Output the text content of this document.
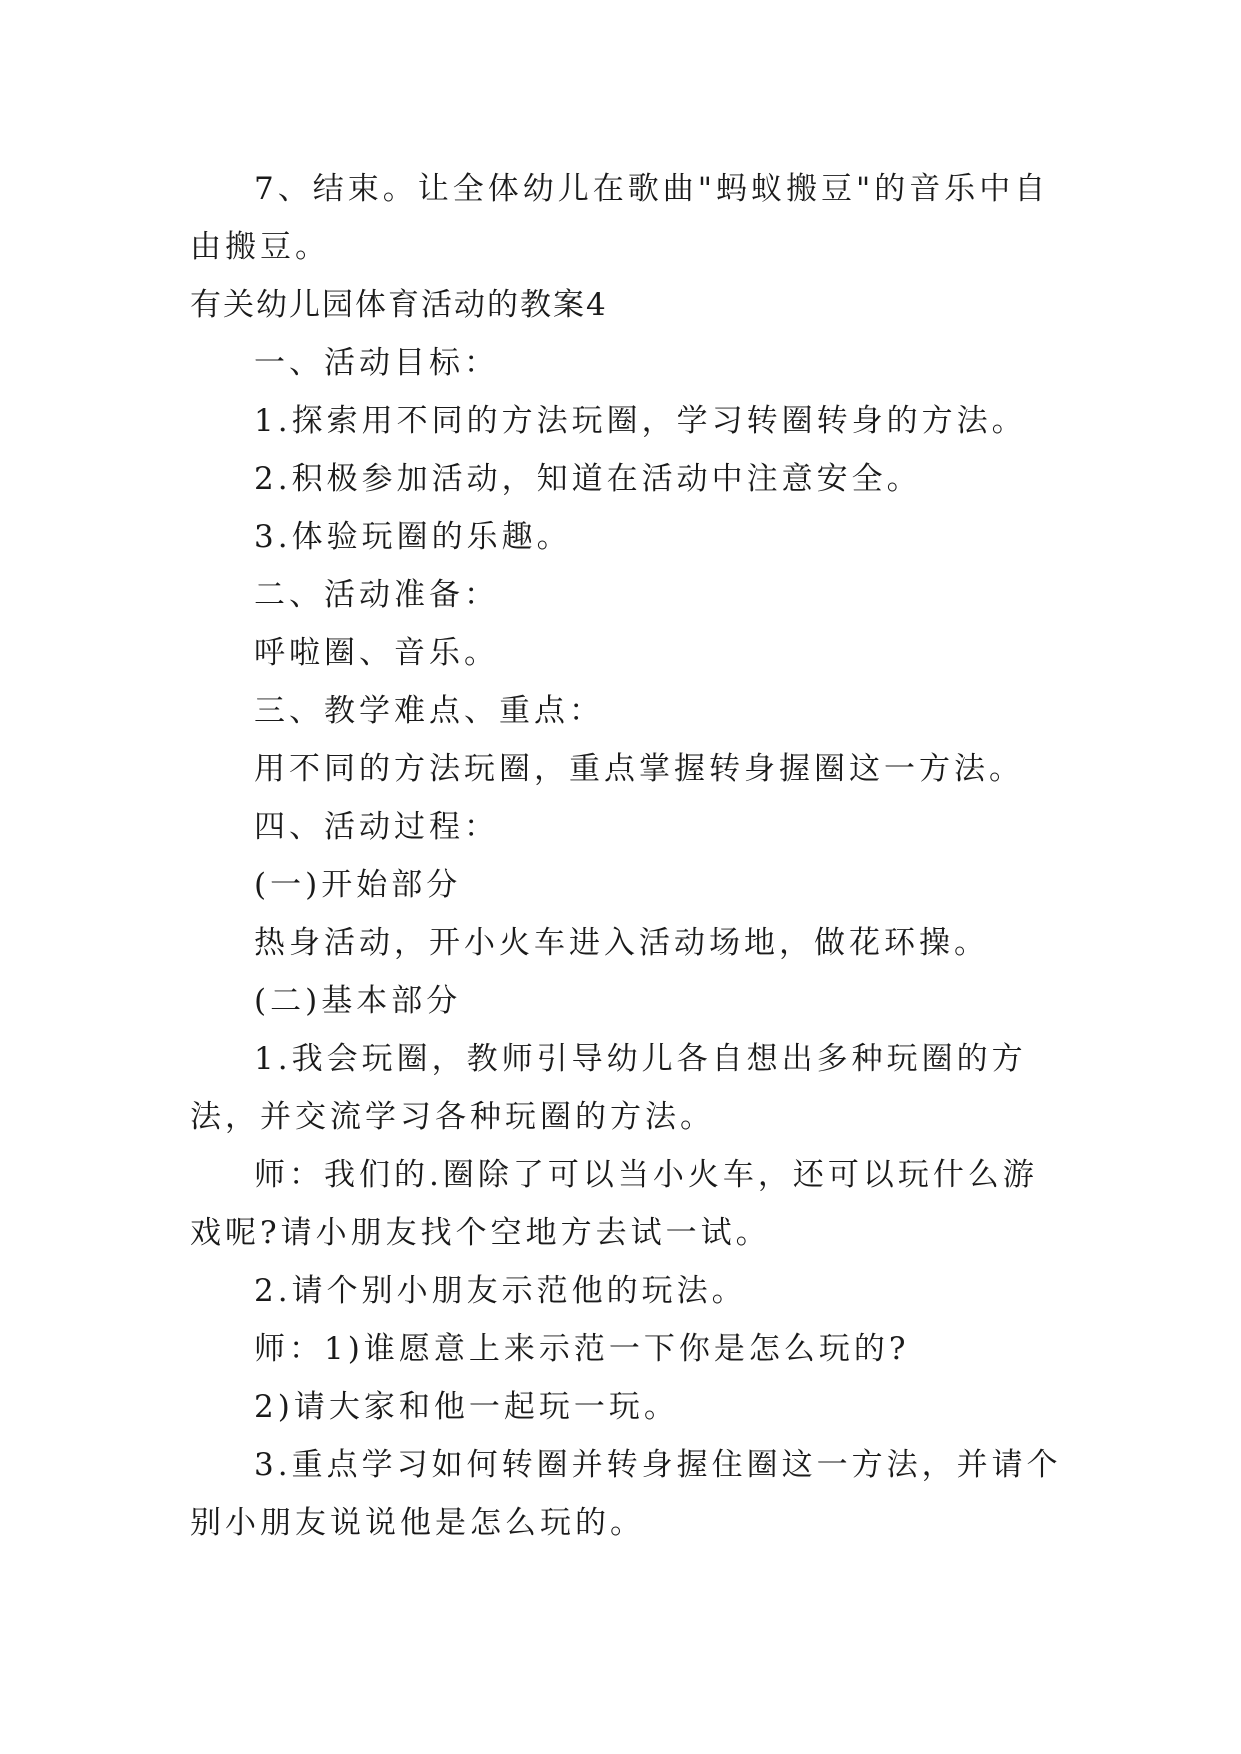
7、结束。让全体幼儿在歌曲"蚂蚁搬豆"的音乐中自由搬豆。

有关幼儿园体育活动的教案4

一、活动目标：

1.探索用不同的方法玩圈，学习转圈转身的方法。

2.积极参加活动，知道在活动中注意安全。

3.体验玩圈的乐趣。

二、活动准备：

呼啦圈、音乐。

三、教学难点、重点：

用不同的方法玩圈，重点掌握转身握圈这一方法。

四、活动过程：

(一)开始部分

热身活动，开小火车进入活动场地，做花环操。

(二)基本部分

1.我会玩圈，教师引导幼儿各自想出多种玩圈的方法，并交流学习各种玩圈的方法。

师：我们的.圈除了可以当小火车，还可以玩什么游戏呢?请小朋友找个空地方去试一试。

2.请个别小朋友示范他的玩法。

师：1)谁愿意上来示范一下你是怎么玩的?

2)请大家和他一起玩一玩。

3.重点学习如何转圈并转身握住圈这一方法，并请个别小朋友说说他是怎么玩的。
